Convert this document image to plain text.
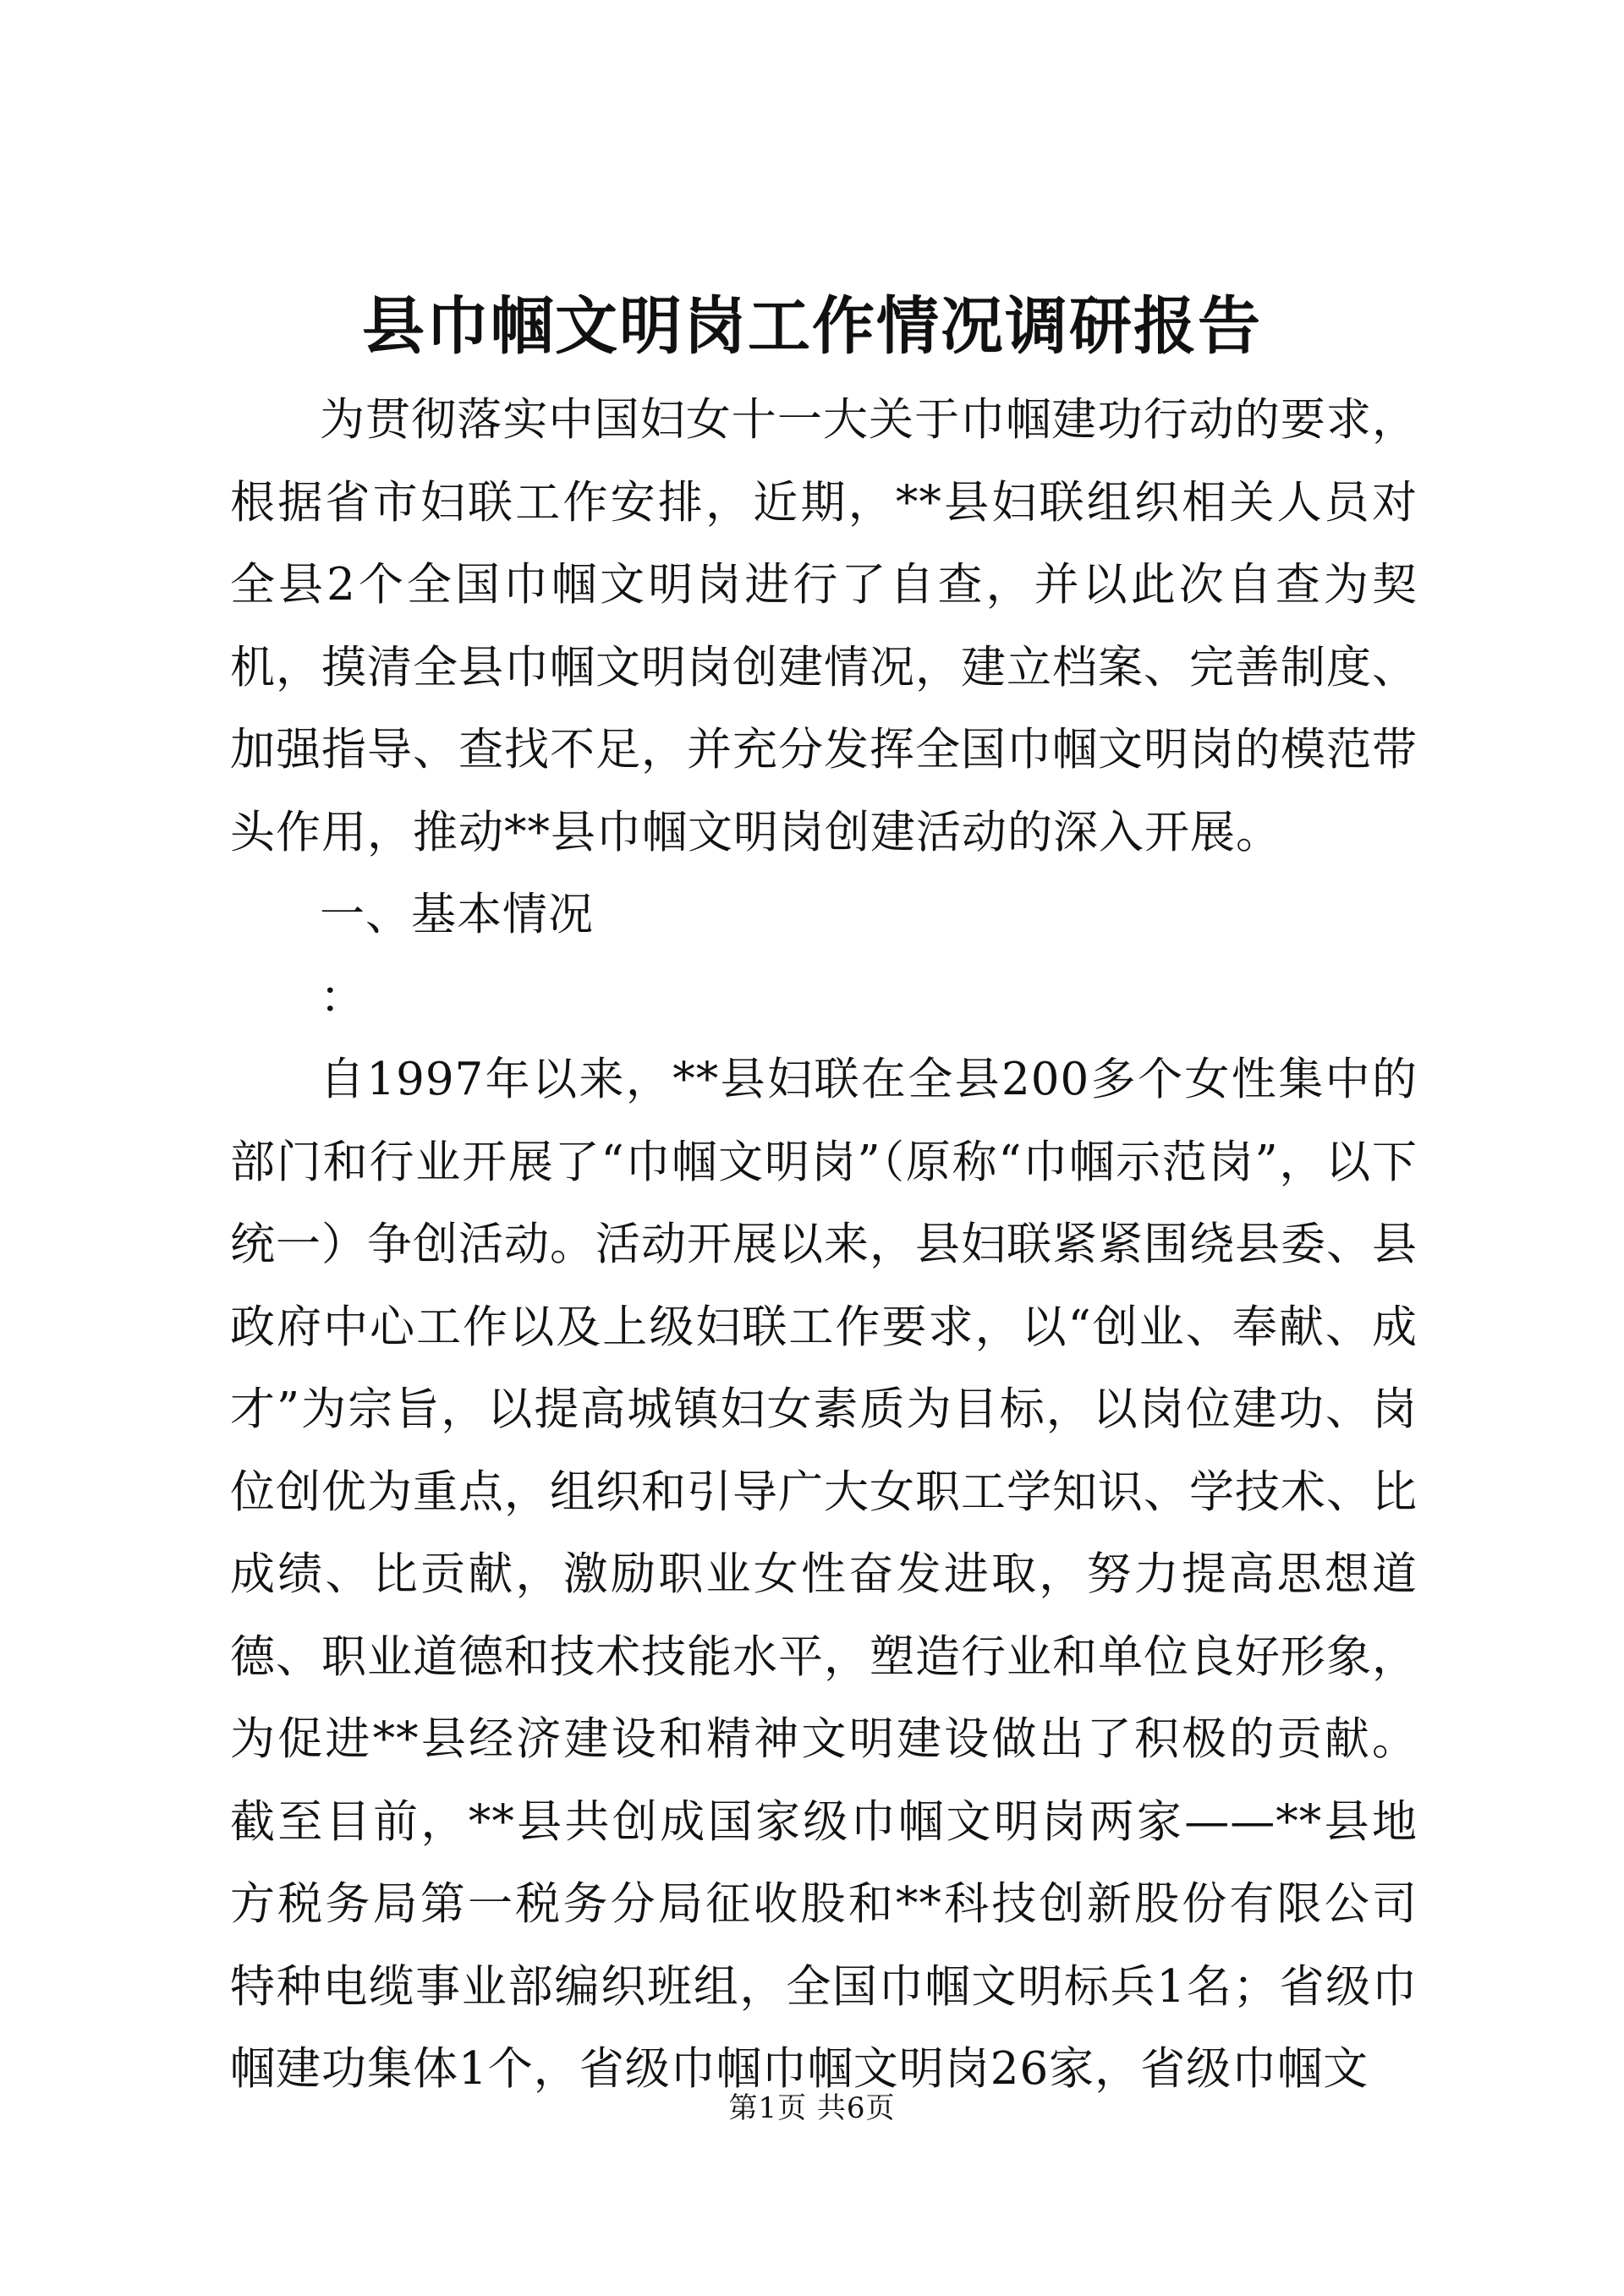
县巾帼文明岗工作情况调研报告

为贯彻落实中国妇女十一大关于巾帼建功行动的要求，根据省市妇联工作安排，近期，**县妇联组织相关人员对全县2个全国巾帼文明岗进行了自查，并以此次自查为契机，摸清全县巾帼文明岗创建情况，建立档案、完善制度、加强指导、查找不足，并充分发挥全国巾帼文明岗的模范带头作用，推动**县巾帼文明岗创建活动的深入开展。

一、基本情况

：

自1997年以来，**县妇联在全县200多个女性集中的部门和行业开展了“巾帼文明岗”（原称“巾帼示范岗”，以下统一）争创活动。活动开展以来，县妇联紧紧围绕县委、县政府中心工作以及上级妇联工作要求，以“创业、奉献、成才”为宗旨，以提高城镇妇女素质为目标，以岗位建功、岗位创优为重点，组织和引导广大女职工学知识、学技术、比成绩、比贡献，激励职业女性奋发进取，努力提高思想道德、职业道德和技术技能水平，塑造行业和单位良好形象，为促进**县经济建设和精神文明建设做出了积极的贡献。截至目前，**县共创成国家级巾帼文明岗两家——**县地方税务局第一税务分局征收股和**科技创新股份有限公司特种电缆事业部编织班组，全国巾帼文明标兵1名；省级巾帼建功集体1个，省级巾帼巾帼文明岗26家，省级巾帼文

第1页 共6页
